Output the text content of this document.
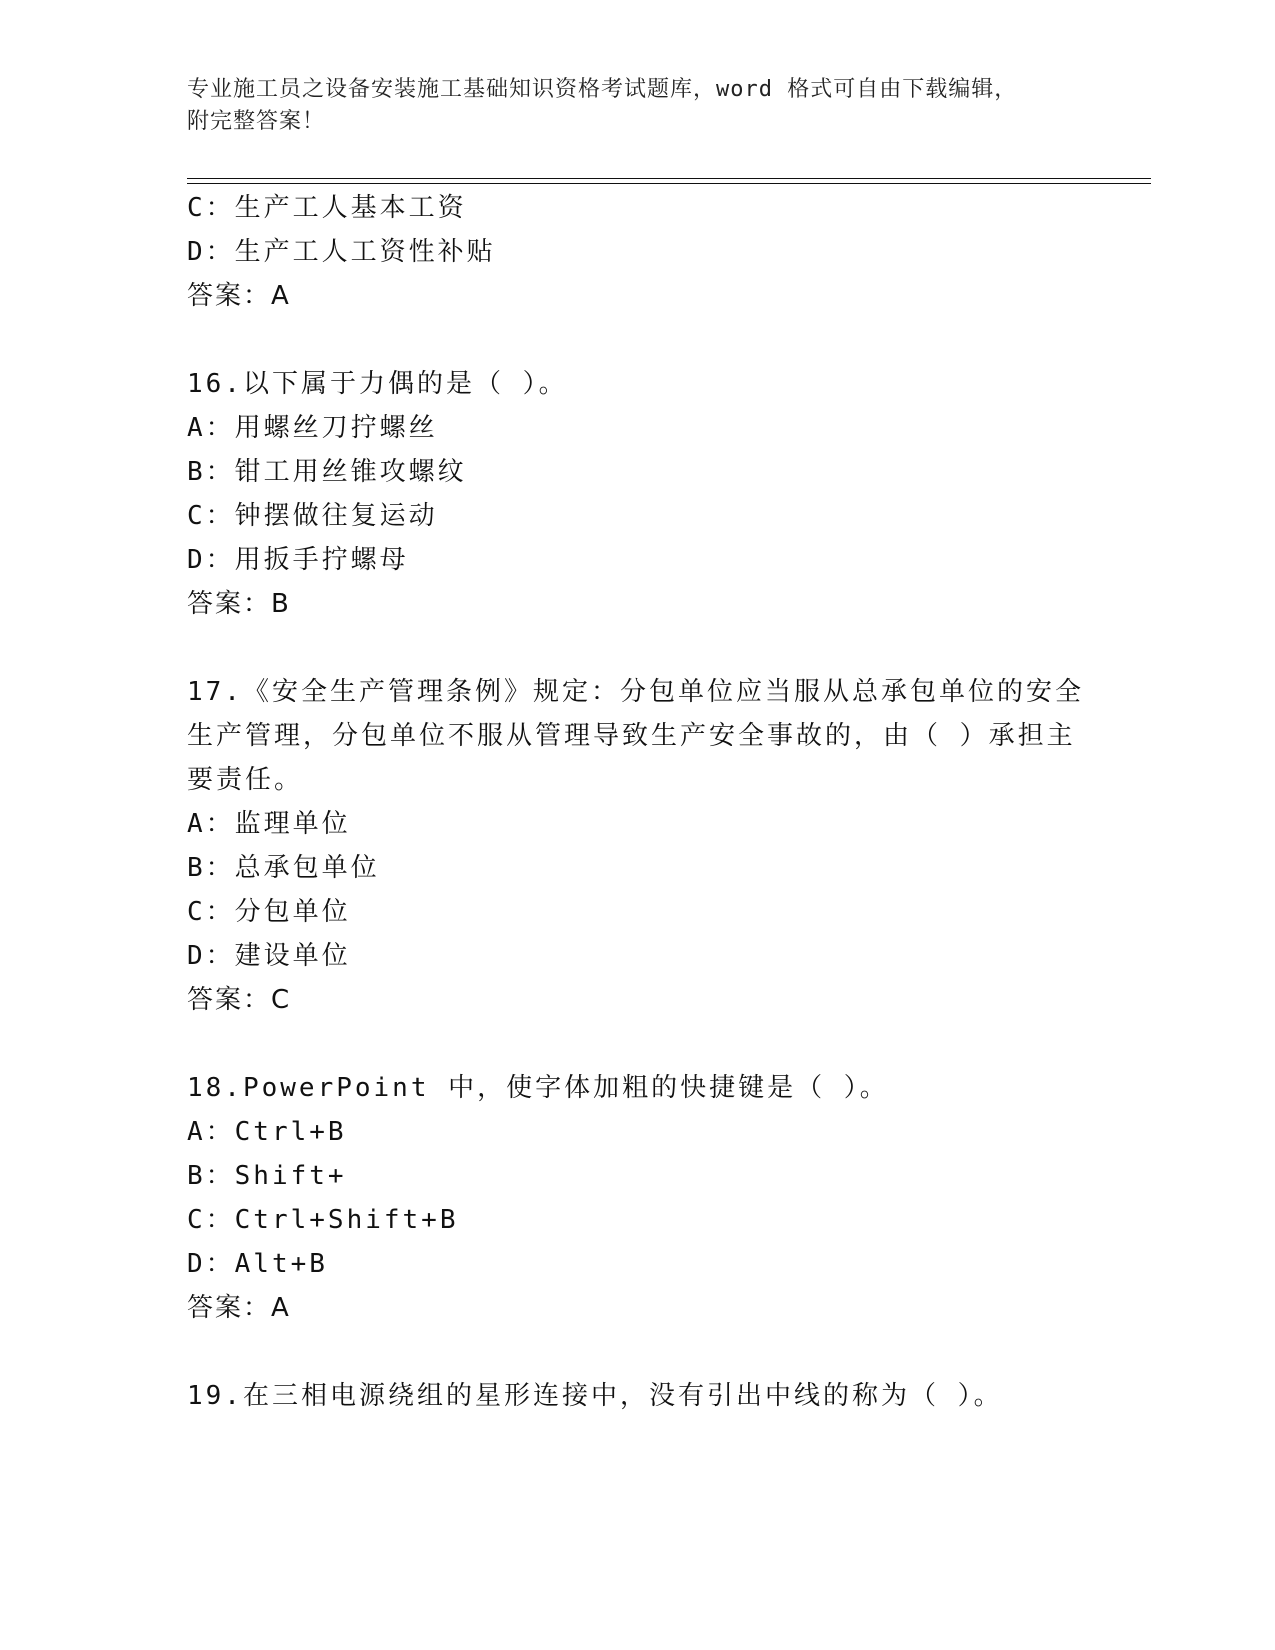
专业施工员之设备安装施工基础知识资格考试题库，word 格式可自由下载编辑，
附完整答案！
C：生产工人基本工资
D：生产工人工资性补贴
答案：A
16.以下属于力偶的是（ ）。
A：用螺丝刀拧螺丝
B：钳工用丝锥攻螺纹
C：钟摆做往复运动
D：用扳手拧螺母
答案：B
17.《安全生产管理条例》规定：分包单位应当服从总承包单位的安全
生产管理，分包单位不服从管理导致生产安全事故的，由（ ）承担主
要责任。
A：监理单位
B：总承包单位
C：分包单位
D：建设单位
答案：C
18.PowerPoint 中，使字体加粗的快捷键是（ ）。
A：Ctrl+B
B：Shift+
C：Ctrl+Shift+B
D：Alt+B
答案：A
19.在三相电源绕组的星形连接中，没有引出中线的称为（ ）。
